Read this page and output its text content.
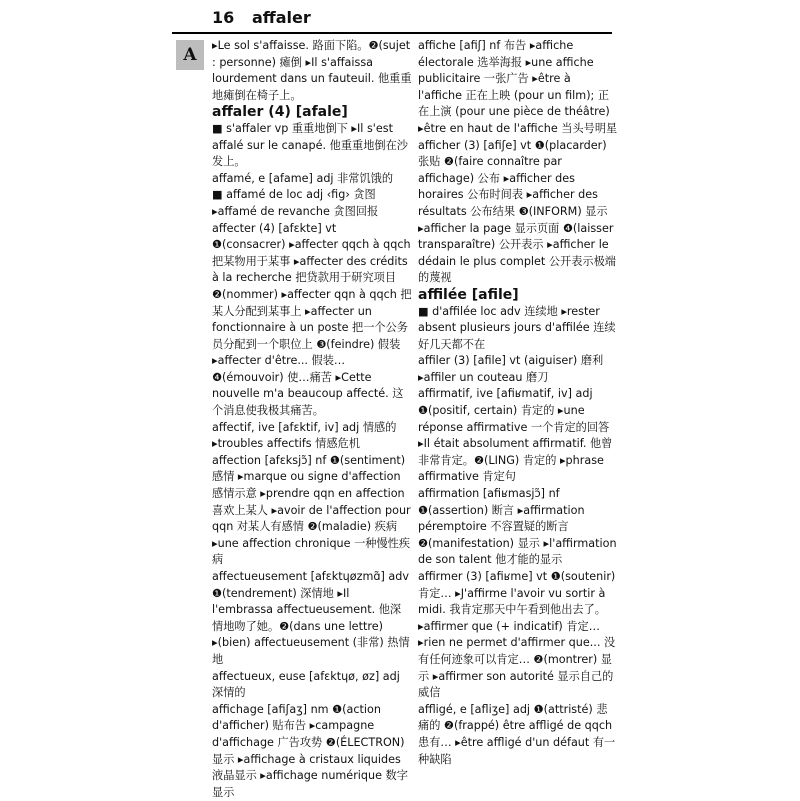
16 affaler
A	▸Le sol s'affaisse. 路面下陷。❷(sujet : personne) 瘫倒 ▸Il s'affaissa lourdement dans un fauteuil. 他重重地瘫倒在椅子上。

affaler (4) [afale]

■ s'affaler vp 重重地倒下 ▸Il s'est affalé sur le canapé. 他重重地倒在沙发上。

affamé, e [afame] adj 非常饥饿的

■ affamé de loc adj ‹fig› 贪图 ▸affamé de revanche 贪图回报

affecter (4) [afɛkte] vt ❶(consacrer) ▸affecter qqch à qqch 把某物用于某事 ▸affecter des crédits à la recherche 把贷款用于研究项目 ❷(nommer) ▸affecter qqn à qqch 把某人分配到某事上 ▸affecter un fonctionnaire à un poste 把一个公务员分配到一个职位上 ❸(feindre) 假装 ▸affecter d'être... 假装… ❹(émouvoir) 使…痛苦 ▸Cette nouvelle m'a beaucoup affecté. 这个消息使我极其痛苦。

affectif, ive [afɛktif, iv] adj 情感的 ▸troubles affectifs 情感危机

affection [afɛksjɔ̃] nf ❶(sentiment) 感情 ▸marque ou signe d'affection 感情示意 ▸prendre qqn en affection 喜欢上某人 ▸avoir de l'affection pour qqn 对某人有感情 ❷(maladie) 疾病 ▸une affection chronique 一种慢性疾病

affectueusement [afɛktɥøzmɑ̃] adv ❶(tendrement) 深情地 ▸Il l'embrassa affectueusement. 他深情地吻了她。❷(dans une lettre) ▸(bien) affectueusement (非常) 热情地

affectueux, euse [afɛktɥø, øz] adj 深情的

affichage [afiʃaʒ] nm ❶(action d'afficher) 贴布告 ▸campagne d'affichage 广告攻势 ❷(ÉLECTRON) 显示 ▸affichage à cristaux liquides 液晶显示 ▸affichage numérique 数字显示

affiche [afiʃ] nf 布告 ▸affiche électorale 选举海报 ▸une affiche publicitaire 一张广告 ▸être à l'affiche 正在上映 (pour un film); 正在上演 (pour une pièce de théâtre) ▸être en haut de l'affiche 当头号明星

afficher (3) [afiʃe] vt ❶(placarder) 张贴 ❷(faire connaître par affichage) 公布 ▸afficher des horaires 公布时间表 ▸afficher des résultats 公布结果 ❸(INFORM) 显示 ▸afficher la page 显示页面 ❹(laisser transparaître) 公开表示 ▸afficher le dédain le plus complet 公开表示极端的蔑视

affilée [afile]

■ d'affilée loc adv 连续地 ▸rester absent plusieurs jours d'affilée 连续好几天都不在

affiler (3) [afile] vt (aiguiser) 磨利 ▸affiler un couteau 磨刀

affirmatif, ive [afiʁmatif, iv] adj ❶(positif, certain) 肯定的 ▸une réponse affirmative 一个肯定的回答 ▸Il était absolument affirmatif. 他曾非常肯定。❷(LING) 肯定的 ▸phrase affirmative 肯定句

affirmation [afiʁmasjɔ̃] nf ❶(assertion) 断言 ▸affirmation péremptoire 不容置疑的断言 ❷(manifestation) 显示 ▸l'affirmation de son talent 他才能的显示

affirmer (3) [afiʁme] vt ❶(soutenir) 肯定… ▸J'affirme l'avoir vu sortir à midi. 我肯定那天中午看到他出去了。▸affirmer que (+ indicatif) 肯定… ▸rien ne permet d'affirmer que... 没有任何迹象可以肯定… ❷(montrer) 显示 ▸affirmer son autorité 显示自己的威信

affligé, e [afliʒe] adj ❶(attristé) 悲痛的 ❷(frappé) être affligé de qqch 患有… ▸être affligé d'un défaut 有一种缺陷
